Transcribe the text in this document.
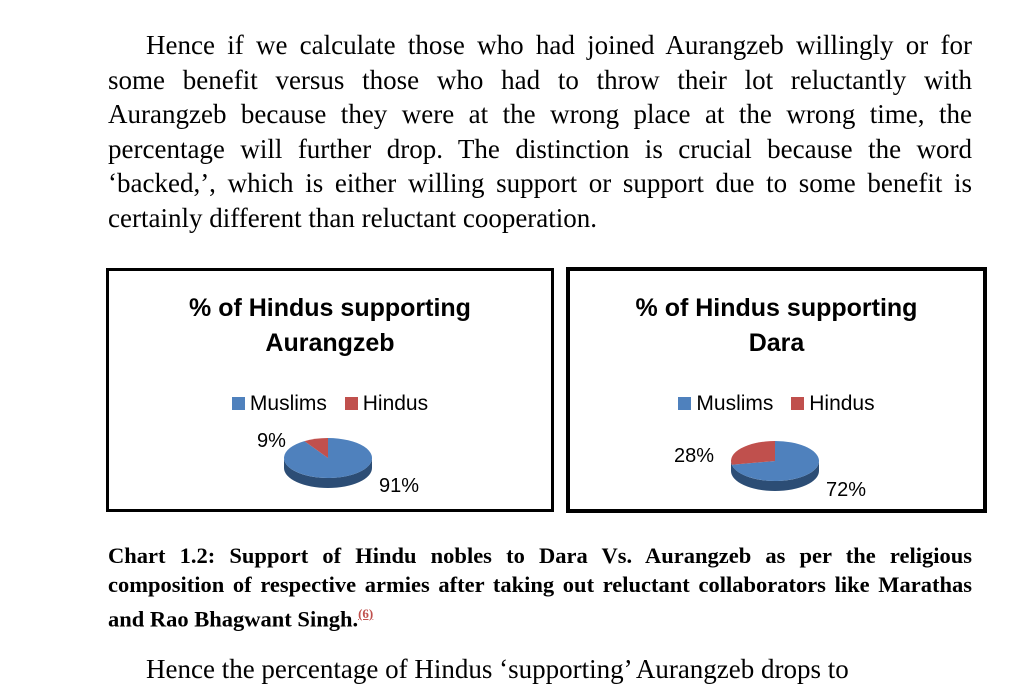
Hence if we calculate those who had joined Aurangzeb willingly or for some benefit versus those who had to throw their lot reluctantly with Aurangzeb because they were at the wrong place at the wrong time, the percentage will further drop. The distinction is crucial because the word ‘backed,’, which is either willing support or support due to some benefit is certainly different than reluctant cooperation.

% of Hindus supporting
Aurangzeb
Muslims Hindus
9%
91%
% of Hindus supporting
Dara
Muslims Hindus
28%
72%

Chart 1.2: Support of Hindu nobles to Dara Vs. Aurangzeb as per the religious composition of respective armies after taking out reluctant collaborators like Marathas and Rao Bhagwant Singh.$^{(6)}$

Hence the percentage of Hindus ‘supporting’ Aurangzeb drops to
